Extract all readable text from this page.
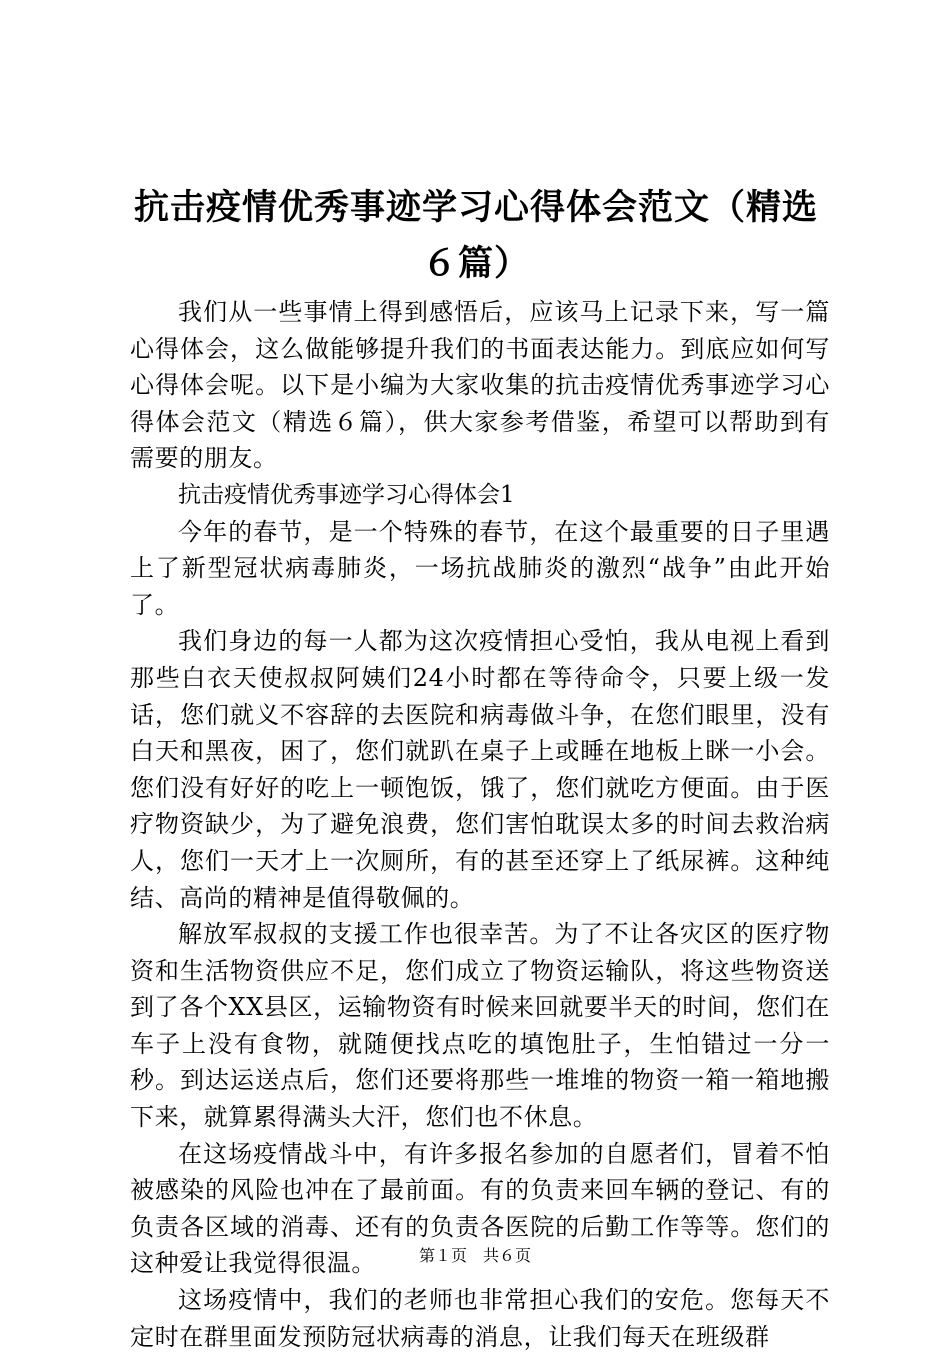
抗击疫情优秀事迹学习心得体会范文（精选６篇）

我们从一些事情上得到感悟后，应该马上记录下来，写一篇心得体会，这么做能够提升我们的书面表达能力。到底应如何写心得体会呢。以下是小编为大家收集的抗击疫情优秀事迹学习心得体会范文（精选６篇），供大家参考借鉴，希望可以帮助到有需要的朋友。

抗击疫情优秀事迹学习心得体会1

今年的春节，是一个特殊的春节，在这个最重要的日子里遇上了新型冠状病毒肺炎，一场抗战肺炎的激烈“战争”由此开始了。

我们身边的每一人都为这次疫情担心受怕，我从电视上看到那些白衣天使叔叔阿姨们24小时都在等待命令，只要上级一发话，您们就义不容辞的去医院和病毒做斗争，在您们眼里，没有白天和黑夜，困了，您们就趴在桌子上或睡在地板上眯一小会。您们没有好好的吃上一顿饱饭，饿了，您们就吃方便面。由于医疗物资缺少，为了避免浪费，您们害怕耽误太多的时间去救治病人，您们一天才上一次厕所，有的甚至还穿上了纸尿裤。这种纯结、高尚的精神是值得敬佩的。

解放军叔叔的支援工作也很幸苦。为了不让各灾区的医疗物资和生活物资供应不足，您们成立了物资运输队，将这些物资送到了各个XX县区，运输物资有时候来回就要半天的时间，您们在车子上没有食物，就随便找点吃的填饱肚子，生怕错过一分一秒。到达运送点后，您们还要将那些一堆堆的物资一箱一箱地搬下来，就算累得满头大汗，您们也不休息。

在这场疫情战斗中，有许多报名参加的自愿者们，冒着不怕被感染的风险也冲在了最前面。有的负责来回车辆的登记、有的负责各区域的消毒、还有的负责各医院的后勤工作等等。您们的这种爱让我觉得很温。

这场疫情中，我们的老师也非常担心我们的安危。您每天不定时在群里面发预防冠状病毒的消息，让我们每天在班级群

第１页　共６页
